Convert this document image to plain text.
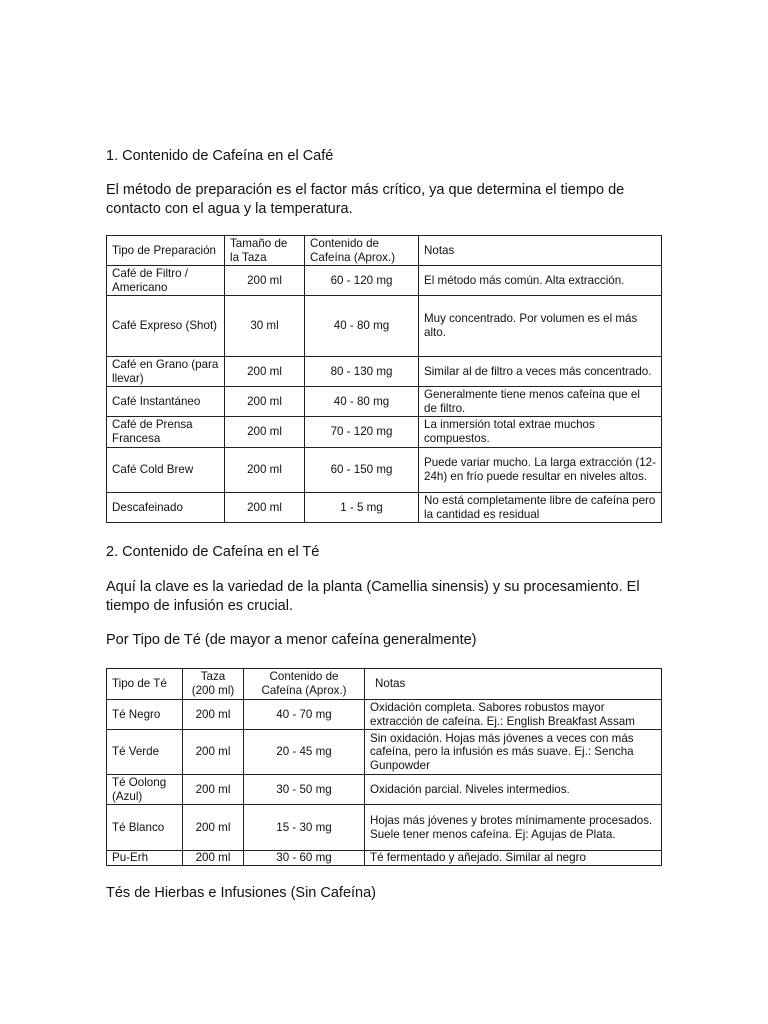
1. Contenido de Cafeína en el Café

El método de preparación es el factor más crítico, ya que determina el tiempo de contacto con el agua y la temperatura.

Tipo de Preparación	Tamaño de la Taza	Contenido de Cafeína (Aprox.)	Notas
Café de Filtro / Americano	200 ml	60 - 120 mg	El método más común. Alta extracción.
Café Expreso (Shot)	30 ml	40 - 80 mg	Muy concentrado. Por volumen es el más alto.
Café en Grano (para llevar)	200 ml	80 - 130 mg	Similar al de filtro a veces más concentrado.
Café Instantáneo	200 ml	40 - 80 mg	Generalmente tiene menos cafeína que el de filtro.
Café de Prensa Francesa	200 ml	70 - 120 mg	La inmersión total extrae muchos compuestos.
Café Cold Brew	200 ml	60 - 150 mg	Puede variar mucho. La larga extracción (12-24h) en frío puede resultar en niveles altos.
Descafeinado	200 ml	1 - 5 mg	No está completamente libre de cafeína pero la cantidad es residual
2. Contenido de Cafeína en el Té

Aquí la clave es la variedad de la planta (Camellia sinensis) y su procesamiento. El tiempo de infusión es crucial.

Por Tipo de Té (de mayor a menor cafeína generalmente)

Tipo de Té	Taza (200 ml)	Contenido de Cafeína (Aprox.)	Notas
Té Negro	200 ml	40 - 70 mg	Oxidación completa. Sabores robustos mayor extracción de cafeína. Ej.: English Breakfast Assam
Té Verde	200 ml	20 - 45 mg	Sin oxidación. Hojas más jóvenes a veces con más cafeína, pero la infusión es más suave. Ej.: Sencha Gunpowder
Té Oolong (Azul)	200 ml	30 - 50 mg	Oxidación parcial. Niveles intermedios.
Té Blanco	200 ml	15 - 30 mg	Hojas más jóvenes y brotes mínimamente procesados. Suele tener menos cafeína. Ej: Agujas de Plata.
Pu-Erh	200 ml	30 - 60 mg	Té fermentado y añejado. Similar al negro
Tés de Hierbas e Infusiones (Sin Cafeína)
